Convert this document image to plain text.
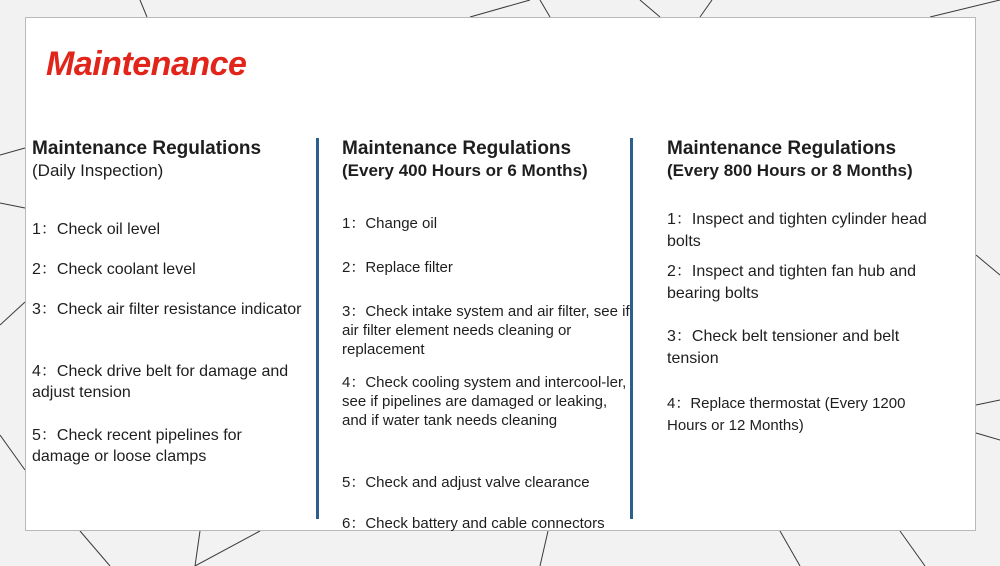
Maintenance

Maintenance Regulations

(Daily Inspection)

1：Check oil level

2：Check coolant level

3：Check air filter resistance indicator

4：Check drive belt for damage and adjust tension

5：Check recent pipelines for damage or loose clamps

Maintenance Regulations

(Every 400 Hours or 6 Months)

1：Change oil

2：Replace filter

3：Check intake system and air filter, see if air filter element needs cleaning or replacement

4：Check cooling system and intercool-ler, see if pipelines are damaged or leaking, and if water tank needs cleaning

5：Check and adjust valve clearance

6：Check battery and cable connectors

Maintenance Regulations

(Every 800 Hours or 8 Months)

1：Inspect and tighten cylinder head bolts

2：Inspect and tighten fan hub and bearing bolts

3：Check belt tensioner and belt tension

4：Replace thermostat (Every 1200 Hours or 12 Months)
